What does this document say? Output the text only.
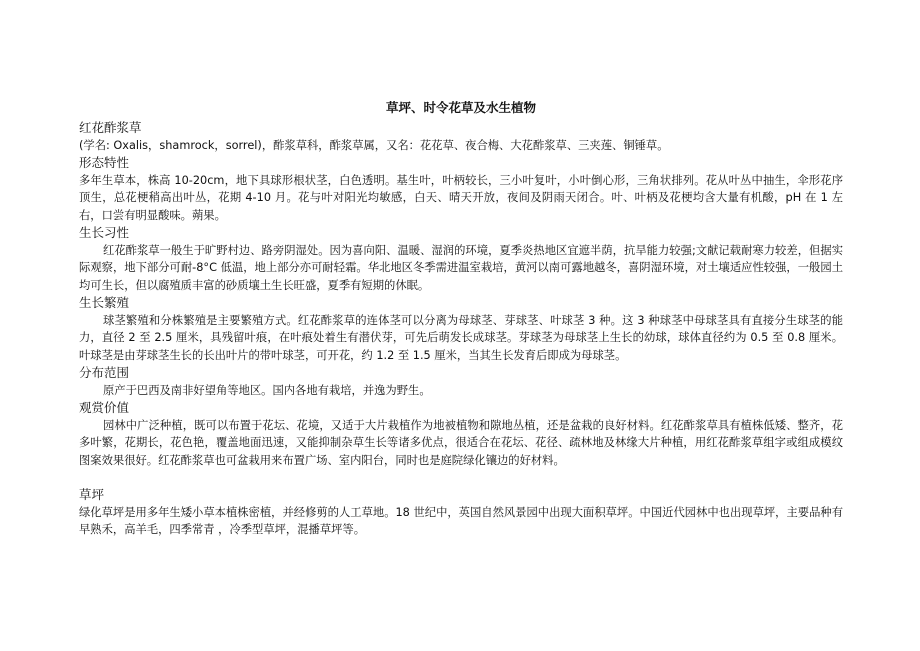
草坪、时令花草及水生植物

红花酢浆草

(学名: Oxalis，shamrock，sorrel)，酢浆草科，酢浆草属，又名：花花草、夜合梅、大花酢浆草、三夹莲、铜锤草。

形态特性

多年生草本，株高 10-20cm，地下具球形根状茎，白色透明。基生叶，叶柄较长，三小叶复叶，小叶倒心形，三角状排列。花从叶丛中抽生，伞形花序顶生，总花梗稍高出叶丛，花期 4-10 月。花与叶对阳光均敏感，白天、晴天开放，夜间及阴雨天闭合。叶、叶柄及花梗均含大量有机酸，pH 在 1 左右，口尝有明显酸味。蒴果。

生长习性

红花酢浆草一般生于旷野村边、路旁阴湿处。因为喜向阳、温暖、湿润的环境，夏季炎热地区宜遮半荫，抗旱能力较强;文献记载耐寒力较差，但据实际观察，地下部分可耐-8°C 低温，地上部分亦可耐轻霜。华北地区冬季需进温室栽培，黄河以南可露地越冬，喜阴湿环境，对土壤适应性较强，一般园土均可生长，但以腐殖质丰富的砂质壤土生长旺盛，夏季有短期的休眠。

生长繁殖

球茎繁殖和分株繁殖是主要繁殖方式。红花酢浆草的连体茎可以分离为母球茎、芽球茎、叶球茎 3 种。这 3 种球茎中母球茎具有直接分生球茎的能力，直径 2 至 2.5 厘米，具残留叶痕，在叶痕处着生有潜伏芽，可先后萌发长成球茎。芽球茎为母球茎上生长的幼球，球体直径约为 0.5 至 0.8 厘米。叶球茎是由芽球茎生长的长出叶片的带叶球茎，可开花，约 1.2 至 1.5 厘米，当其生长发育后即成为母球茎。

分布范围

原产于巴西及南非好望角等地区。国内各地有栽培，并逸为野生。

观赏价值

园林中广泛种植，既可以布置于花坛、花境，又适于大片栽植作为地被植物和隙地丛植，还是盆栽的良好材料。红花酢浆草具有植株低矮、整齐，花多叶繁，花期长，花色艳，覆盖地面迅速，又能抑制杂草生长等诸多优点，很适合在花坛、花径、疏林地及林缘大片种植，用红花酢浆草组字或组成模纹图案效果很好。红花酢浆草也可盆栽用来布置广场、室内阳台，同时也是庭院绿化镶边的好材料。

草坪

绿化草坪是用多年生矮小草本植株密植，并经修剪的人工草地。18 世纪中，英国自然风景园中出现大面积草坪。中国近代园林中也出现草坪，主要品种有早熟禾，高羊毛，四季常青 ，冷季型草坪，混播草坪等。
